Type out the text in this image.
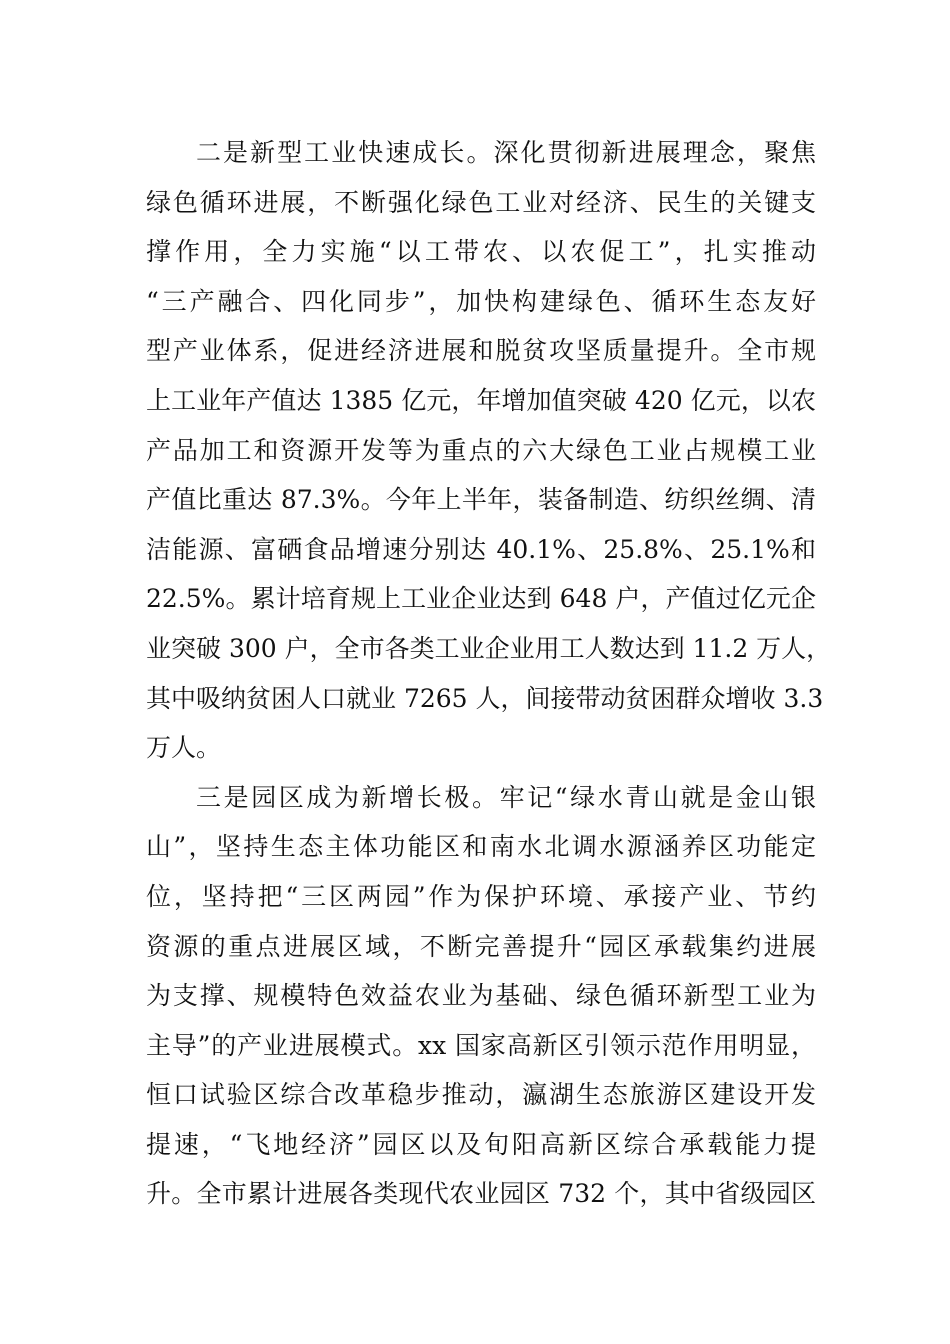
二是新型工业快速成长。深化贯彻新进展理念，聚焦
绿色循环进展，不断强化绿色工业对经济、民生的关键支
撑作用，全力实施“以工带农、以农促工”，扎实推动
“三产融合、四化同步”，加快构建绿色、循环生态友好
型产业体系，促进经济进展和脱贫攻坚质量提升。全市规
上工业年产值达 1385 亿元，年增加值突破 420 亿元，以农
产品加工和资源开发等为重点的六大绿色工业占规模工业
产值比重达 87.3%。今年上半年，装备制造、纺织丝绸、清
洁能源、富硒食品增速分别达 40.1%、25.8%、25.1%和
22.5%。累计培育规上工业企业达到 648 户，产值过亿元企
业突破 300 户，全市各类工业企业用工人数达到 11.2 万人，
其中吸纳贫困人口就业 7265 人，间接带动贫困群众增收 3.3
万人。
三是园区成为新增长极。牢记“绿水青山就是金山银
山”，坚持生态主体功能区和南水北调水源涵养区功能定
位，坚持把“三区两园”作为保护环境、承接产业、节约
资源的重点进展区域，不断完善提升“园区承载集约进展
为支撑、规模特色效益农业为基础、绿色循环新型工业为
主导”的产业进展模式。xx 国家高新区引领示范作用明显，
恒口试验区综合改革稳步推动，瀛湖生态旅游区建设开发
提速，“飞地经济”园区以及旬阳高新区综合承载能力提
升。全市累计进展各类现代农业园区 732 个，其中省级园区
